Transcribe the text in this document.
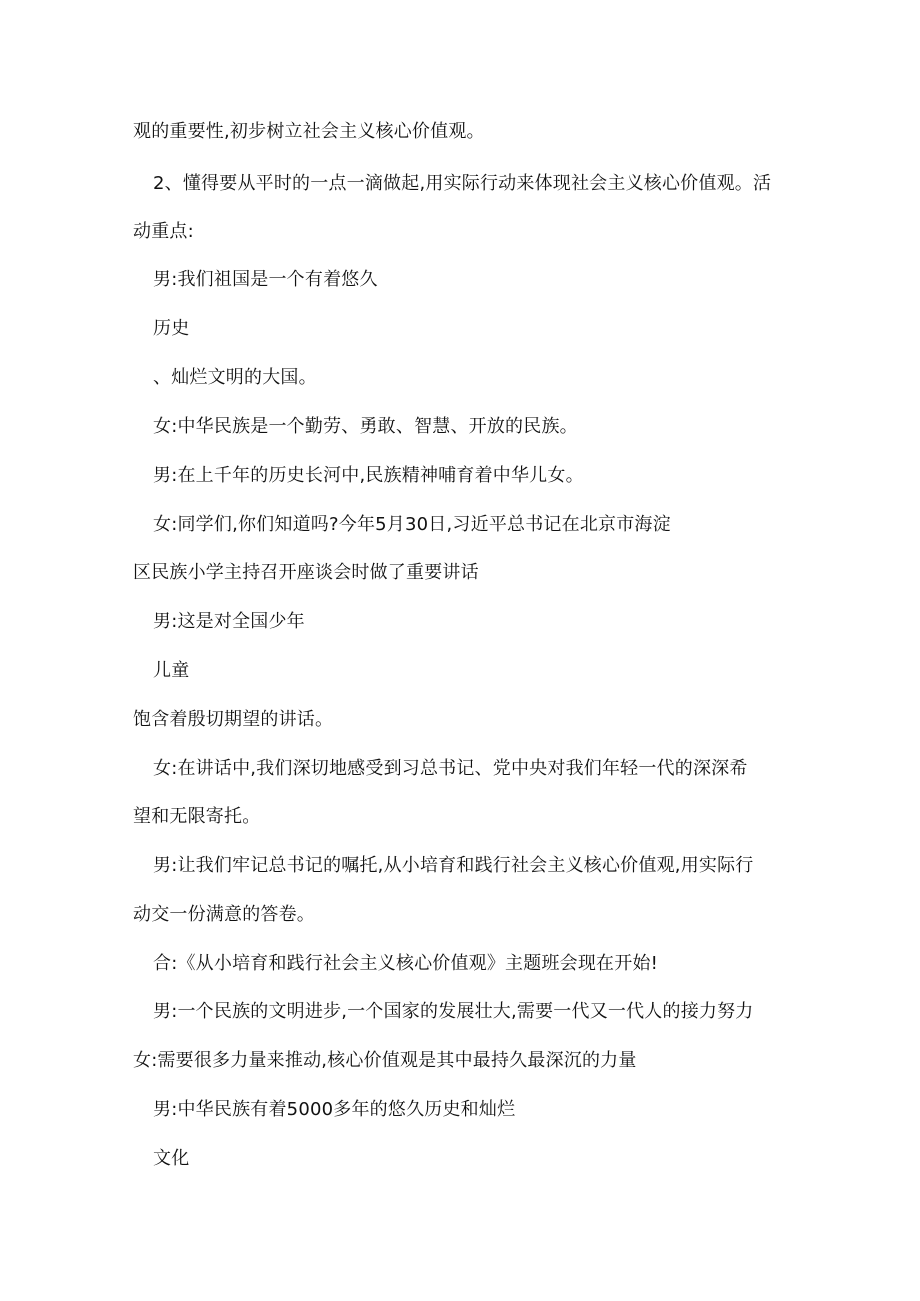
观的重要性,初步树立社会主义核心价值观。
2、懂得要从平时的一点一滴做起,用实际行动来体现社会主义核心价值观。活
动重点:
男:我们祖国是一个有着悠久
历史
、灿烂文明的大国。
女:中华民族是一个勤劳、勇敢、智慧、开放的民族。
男:在上千年的历史长河中,民族精神哺育着中华儿女。
女:同学们,你们知道吗?今年5月30日,习近平总书记在北京市海淀
区民族小学主持召开座谈会时做了重要讲话
男:这是对全国少年
儿童
饱含着殷切期望的讲话。
女:在讲话中,我们深切地感受到习总书记、党中央对我们年轻一代的深深希
望和无限寄托。
男:让我们牢记总书记的嘱托,从小培育和践行社会主义核心价值观,用实际行
动交一份满意的答卷。
合:《从小培育和践行社会主义核心价值观》主题班会现在开始!
男:一个民族的文明进步,一个国家的发展壮大,需要一代又一代人的接力努力
女:需要很多力量来推动,核心价值观是其中最持久最深沉的力量
男:中华民族有着5000多年的悠久历史和灿烂
文化
